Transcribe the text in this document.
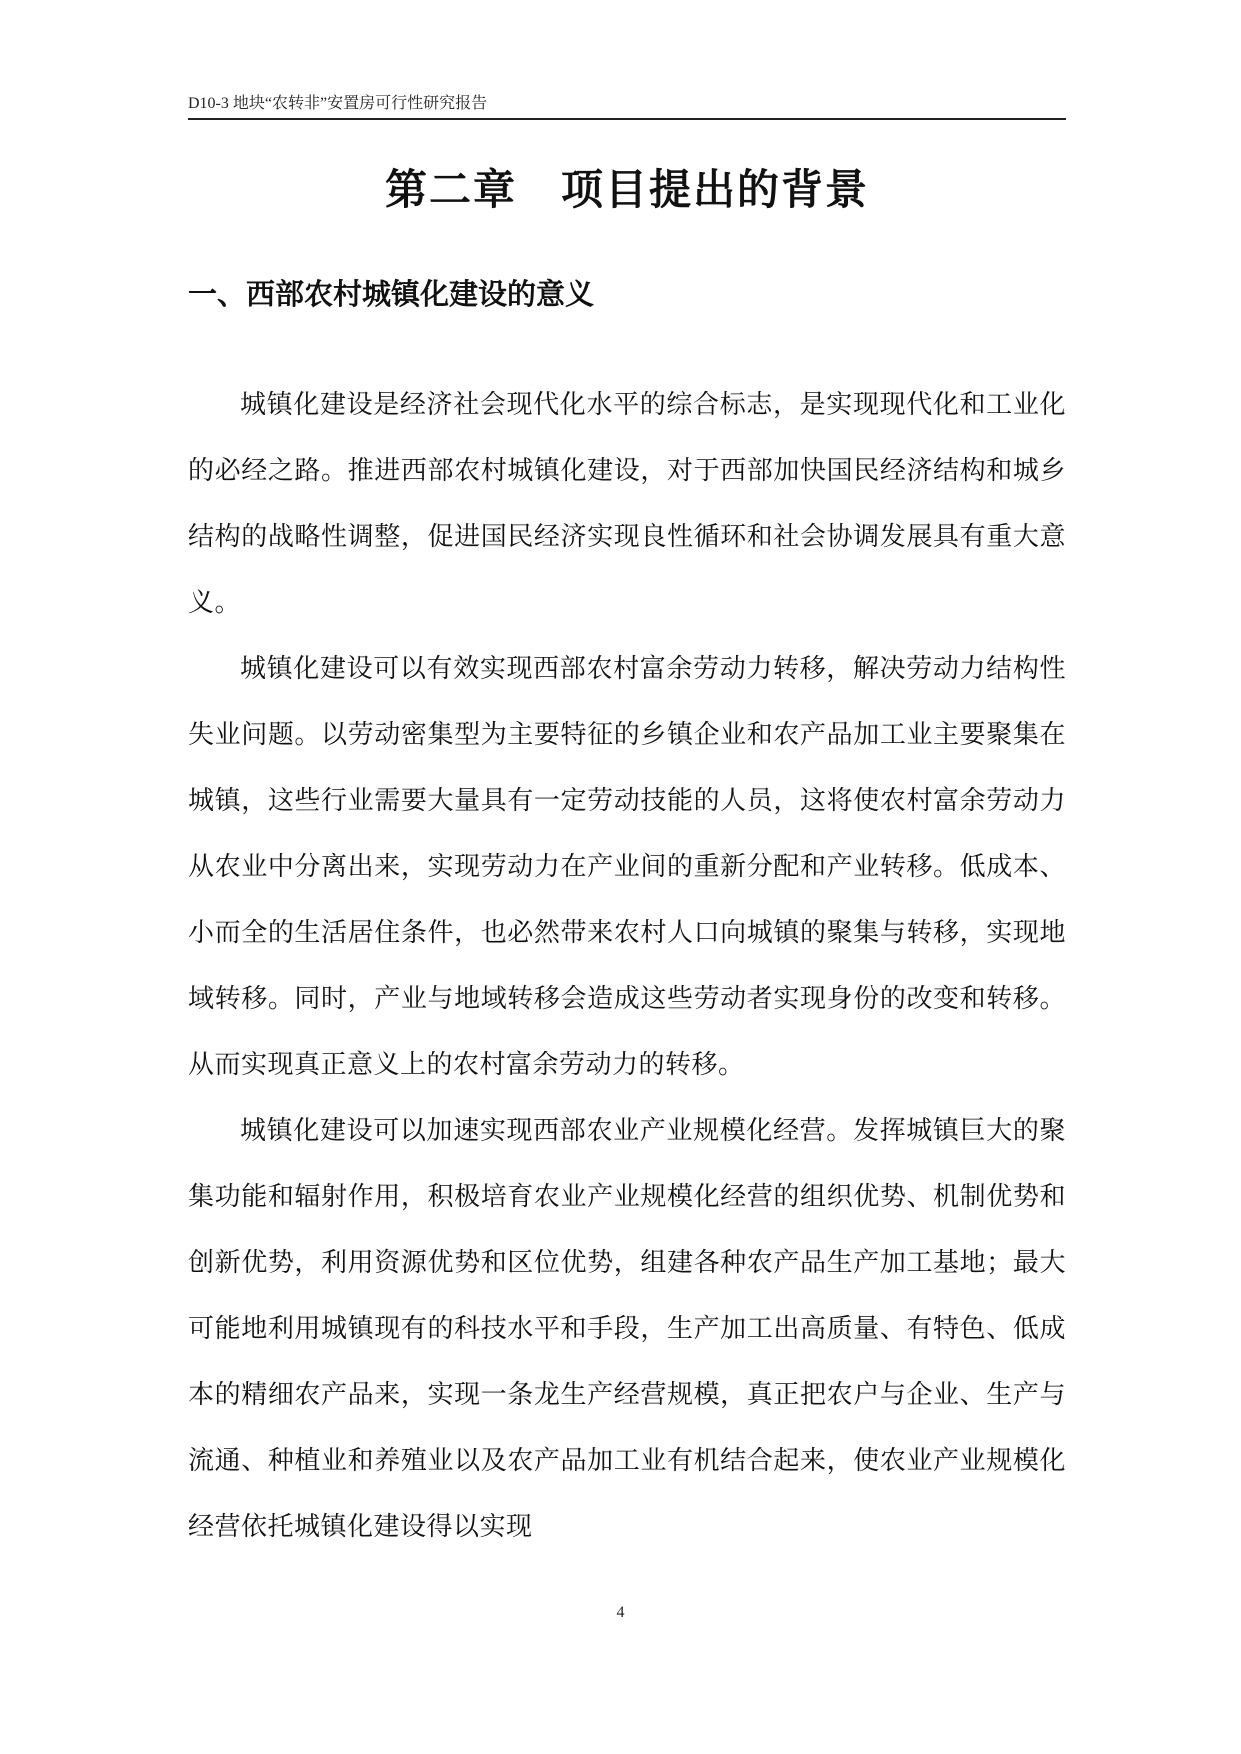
D10-3 地块“农转非”安置房可行性研究报告
第二章　项目提出的背景
一、西部农村城镇化建设的意义

城镇化建设是经济社会现代化水平的综合标志，是实现现代化和工业化的必经之路。推进西部农村城镇化建设，对于西部加快国民经济结构和城乡结构的战略性调整，促进国民经济实现良性循环和社会协调发展具有重大意义。

城镇化建设可以有效实现西部农村富余劳动力转移，解决劳动力结构性失业问题。以劳动密集型为主要特征的乡镇企业和农产品加工业主要聚集在城镇，这些行业需要大量具有一定劳动技能的人员，这将使农村富余劳动力从农业中分离出来，实现劳动力在产业间的重新分配和产业转移。低成本、小而全的生活居住条件，也必然带来农村人口向城镇的聚集与转移，实现地域转移。同时，产业与地域转移会造成这些劳动者实现身份的改变和转移。从而实现真正意义上的农村富余劳动力的转移。

城镇化建设可以加速实现西部农业产业规模化经营。发挥城镇巨大的聚集功能和辐射作用，积极培育农业产业规模化经营的组织优势、机制优势和创新优势，利用资源优势和区位优势，组建各种农产品生产加工基地；最大可能地利用城镇现有的科技水平和手段，生产加工出高质量、有特色、低成本的精细农产品来，实现一条龙生产经营规模，真正把农户与企业、生产与流通、种植业和养殖业以及农产品加工业有机结合起来，使农业产业规模化经营依托城镇化建设得以实现

4
